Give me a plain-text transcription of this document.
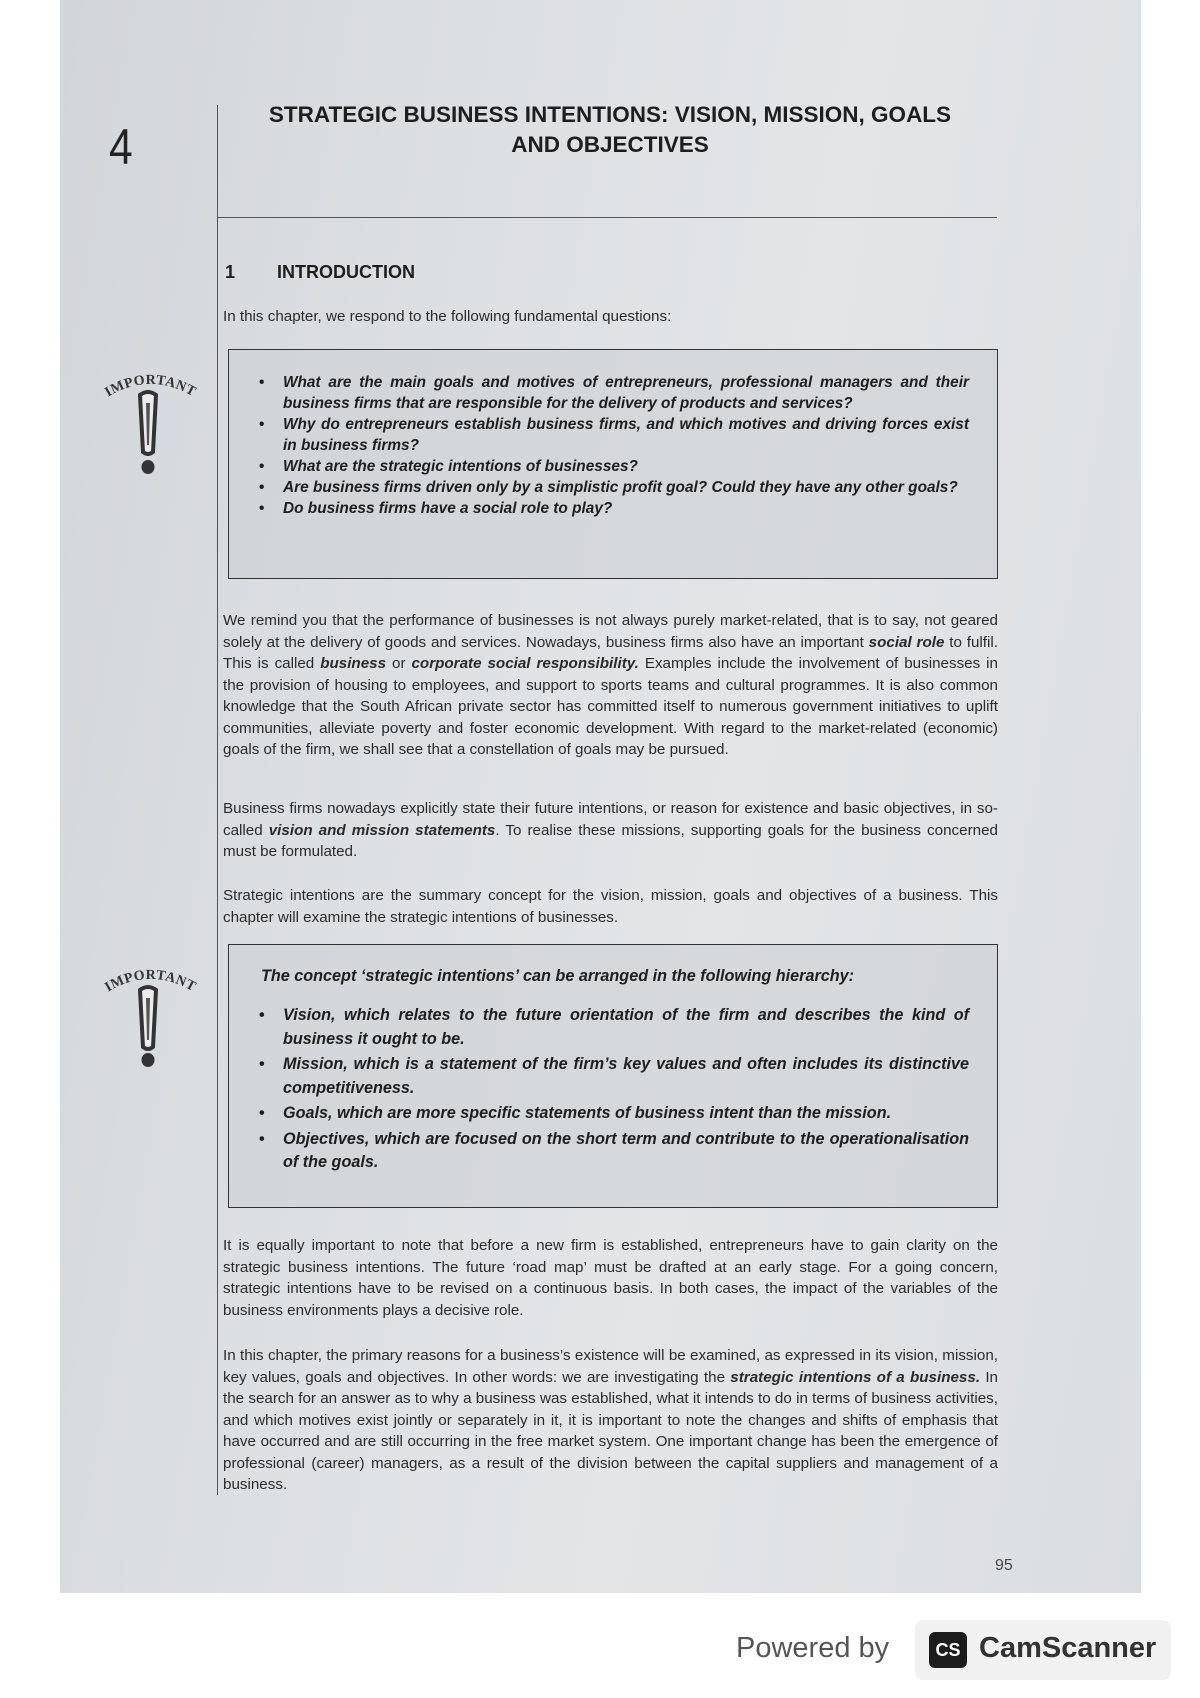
4
STRATEGIC BUSINESS INTENTIONS: VISION, MISSION, GOALS
AND OBJECTIVES
1 INTRODUCTION

In this chapter, we respond to the following fundamental questions:

IMPORTANT
•	What are the main goals and motives of entrepreneurs, professional managers and their business firms that are responsible for the delivery of products and services?
• Why do entrepreneurs establish business firms, and which motives and driving forces exist in business firms?
• What are the strategic intentions of businesses?
• Are business firms driven only by a simplistic profit goal? Could they have any other goals?
• Do business firms have a social role to play?

We remind you that the performance of businesses is not always purely market-related, that is to say, not geared solely at the delivery of goods and services. Nowadays, business firms also have an important social role to fulfil. This is called business or corporate social responsibility. Examples include the involvement of businesses in the provision of housing to employees, and support to sports teams and cultural programmes. It is also common knowledge that the South African private sector has committed itself to numerous government initiatives to uplift communities, alleviate poverty and foster economic development. With regard to the market-related (economic) goals of the firm, we shall see that a constellation of goals may be pursued.

Business firms nowadays explicitly state their future intentions, or reason for existence and basic objectives, in so-called vision and mission statements. To realise these missions, supporting goals for the business concerned must be formulated.

Strategic intentions are the summary concept for the vision, mission, goals and objectives of a business. This chapter will examine the strategic intentions of businesses.

IMPORTANT

The concept ‘strategic intentions’ can be arranged in the following hierarchy:

• Vision, which relates to the future orientation of the firm and describes the kind of business it ought to be.
• Mission, which is a statement of the firm’s key values and often includes its distinctive competitiveness.
• Goals, which are more specific statements of business intent than the mission.
• Objectives, which are focused on the short term and contribute to the operationalisation of the goals.

It is equally important to note that before a new firm is established, entrepreneurs have to gain clarity on the strategic business intentions. The future ‘road map’ must be drafted at an early stage. For a going concern, strategic intentions have to be revised on a continuous basis. In both cases, the impact of the variables of the business environments plays a decisive role.

In this chapter, the primary reasons for a business’s existence will be examined, as expressed in its vision, mission, key values, goals and objectives. In other words: we are investigating the strategic intentions of a business. In the search for an answer as to why a business was established, what it intends to do in terms of business activities, and which motives exist jointly or separately in it, it is important to note the changes and shifts of emphasis that have occurred and are still occurring in the free market system. One important change has been the emergence of professional (career) managers, as a result of the division between the capital suppliers and management of a business.

95
Powered by	CS CamScanner
